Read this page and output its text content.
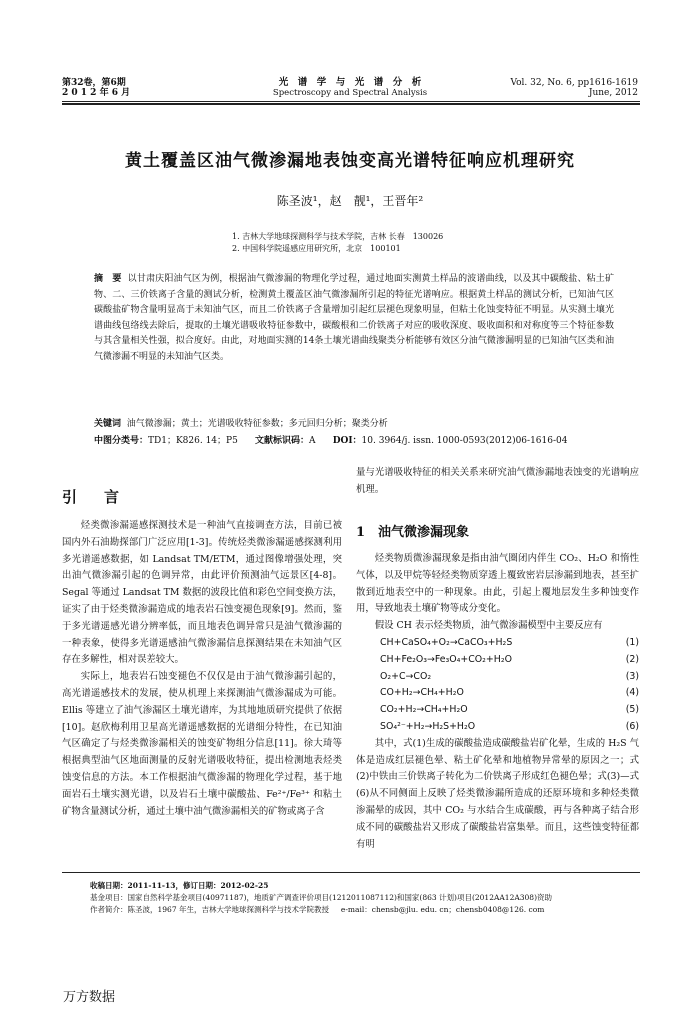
第32卷，第6期
2 0 1 2 年 6 月
光　谱　学　与　光　谱　分　析
Spectroscopy and Spectral Analysis
Vol. 32, No. 6, pp1616-1619
June, 2012
黄土覆盖区油气微渗漏地表蚀变高光谱特征响应机理研究
陈圣波¹，赵　靓¹，王晋年²
1. 吉林大学地球探测科学与技术学院，吉林 长春　130026
2. 中国科学院遥感应用研究所，北京　100101
摘　要 以甘肃庆阳油气区为例，根据油气微渗漏的物理化学过程，通过地面实测黄土样品的波谱曲线，以及其中碳酸盐、粘土矿物、二、三价铁离子含量的测试分析，检测黄土覆盖区油气微渗漏所引起的特征光谱响应。根据黄土样品的测试分析，已知油气区碳酸盐矿物含量明显高于未知油气区，而且二价铁离子含量增加引起红层褪色现象明显，但粘土化蚀变特征不明显。从实测土壤光谱曲线包络线去除后，提取的土壤光谱吸收特征参数中，碳酸根和二价铁离子对应的吸收深度、吸收面积和对称度等三个特征参数与其含量相关性强，拟合度好。由此，对地面实测的14条土壤光谱曲线聚类分析能够有效区分油气微渗漏明显的已知油气区类和油气微渗漏不明显的未知油气区类。
关键词 油气微渗漏；黄土；光谱吸收特征参数；多元回归分析；聚类分析
中图分类号：TD1；K826. 14；P5 文献标识码：A DOI：10. 3964/j. issn. 1000-0593(2012)06-1616-04
引　言

烃类微渗漏遥感探测技术是一种油气直接调查方法，目前已被国内外石油勘探部门广泛应用[1-3]。传统烃类微渗漏遥感探测利用多光谱遥感数据，如 Landsat TM/ETM，通过图像增强处理，突出油气微渗漏引起的色调异常，由此评价预测油气远景区[4-8]。Segal 等通过 Landsat TM 数据的波段比值和彩色空间变换方法，证实了由于烃类微渗漏造成的地表岩石蚀变褪色现象[9]。然而，鉴于多光谱遥感光谱分辨率低，而且地表色调异常只是油气微渗漏的一种表象，使得多光谱遥感油气微渗漏信息探测结果在未知油气区存在多解性，相对误差较大。

实际上，地表岩石蚀变褪色不仅仅是由于油气微渗漏引起的，高光谱遥感技术的发展，使从机理上来探测油气微渗漏成为可能。Ellis 等建立了油气渗漏区土壤光谱库，为其地地质研究提供了依据[10]。赵欣梅利用卫星高光谱遥感数据的光谱细分特性，在已知油气区确定了与烃类微渗漏相关的蚀变矿物组分信息[11]。徐大琦等根据典型油气区地面测量的反射光谱吸收特征，提出检测地表烃类蚀变信息的方法。本工作根据油气微渗漏的物理化学过程，基于地面岩石土壤实测光谱，以及岩石土壤中碳酸盐、Fe²⁺/Fe³⁺ 和粘土矿物含量测试分析，通过土壤中油气微渗漏相关的矿物或离子含

量与光谱吸收特征的相关关系来研究油气微渗漏地表蚀变的光谱响应机理。

1　油气微渗漏现象

烃类物质微渗漏现象是指由油气圈闭内伴生 CO₂、H₂O 和惰性气体，以及甲烷等轻烃类物质穿透上覆致密岩层渗漏到地表，甚至扩散到近地表空中的一种现象。由此，引起上覆地层发生多种蚀变作用，导致地表土壤矿物等成分变化。

假设 CH 表示烃类物质，油气微渗漏模型中主要反应有

CH+CaSO₄+O₂→CaCO₃+H₂S	(1)
CH+Fe₂O₃→Fe₃O₄+CO₂+H₂O	(2)
O₂+C→CO₂	(3)
CO+H₂→CH₄+H₂O	(4)
CO₂+H₂→CH₄+H₂O	(5)
SO₄²⁻+H₂→H₂S+H₂O	(6)

其中，式(1)生成的碳酸盐造成碳酸盐岩矿化晕，生成的 H₂S 气体是造成红层褪色晕、粘土矿化晕和地植物异常晕的原因之一；式(2)中铁由三价铁离子转化为二价铁离子形成红色褪色晕；式(3)—式(6)从不同侧面上反映了烃类微渗漏所造成的还原环境和多种烃类微渗漏晕的成因，其中 CO₂ 与水结合生成碳酸，再与各种离子结合形成不同的碳酸盐岩又形成了碳酸盐岩富集晕。而且，这些蚀变特征都有明

收稿日期：2011-11-13，修订日期：2012-02-25
基金项目：国家自然科学基金项目(40971187)，地质矿产调查评价项目(1212011087112)和国家(863 计划)项目(2012AA12A308)资助
作者简介：陈圣波，1967 年生，吉林大学地球探测科学与技术学院教授 e-mail：chensb@jlu. edu. cn；chensb0408@126. com
万方数据
